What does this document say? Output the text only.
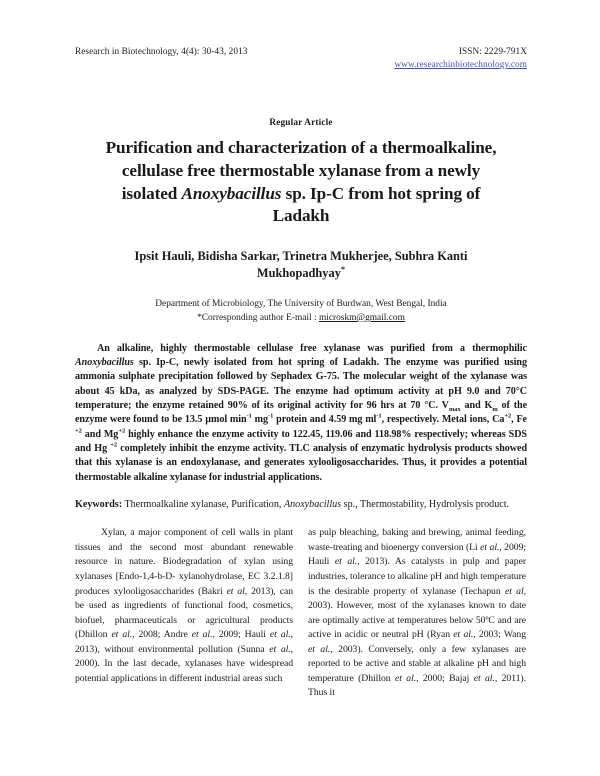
Research in Biotechnology, 4(4): 30-43, 2013	ISSN: 2229-791X
www.researchinbiotechnology.com
Regular Article
Purification and characterization of a thermoalkaline,
cellulase free thermostable xylanase from a newly
isolated Anoxybacillus sp. Ip-C from hot spring of
Ladakh
Ipsit Hauli, Bidisha Sarkar, Trinetra Mukherjee, Subhra Kanti
Mukhopadhyay*
Department of Microbiology, The University of Burdwan, West Bengal, India
*Corresponding author E-mail : microskm@gmail.com
An alkaline, highly thermostable cellulase free xylanase was purified from a thermophilic Anoxybacillus sp. Ip-C, newly isolated from hot spring of Ladakh. The enzyme was purified using ammonia sulphate precipitation followed by Sephadex G-75. The molecular weight of the xylanase was about 45 kDa, as analyzed by SDS-PAGE. The enzyme had optimum activity at pH 9.0 and 70°C temperature; the enzyme retained 90% of its original activity for 96 hrs at 70 °C. $V_{max}$ and $K_m$ of the enzyme were found to be 13.5 µmol $\min^{-1} mg^{-1}$ protein and 4.59 mg $ml^{-1}$, respectively. Metal ions, $Ca^{+2}$, Fe $^{+2}$ and $Mg^{+2}$ highly enhance the enzyme activity to 122.45, 119.06 and 118.98% respectively; whereas SDS and Hg $^{+2}$ completely inhibit the enzyme activity. TLC analysis of enzymatic hydrolysis products showed that this xylanase is an endoxylanase, and generates xylooligosaccharides. Thus, it provides a potential thermostable alkaline xylanase for industrial applications.
Keywords: Thermoalkaline xylanase, Purification, Anoxybacillus sp., Thermostability, Hydrolysis product.

Xylan, a major component of cell walls in plant tissues and the second most abundant renewable resource in nature. Biodegradation of xylan using xylanases [Endo-1,4-b-D- xylanohydrolase, EC 3.2.1.8] produces xylooligosaccharides (Bakri et al, 2013), can be used as ingredients of functional food, cosmetics, biofuel, pharmaceuticals or agricultural products (Dhillon et al., 2008; Andre et al., 2009; Hauli et al., 2013), without environmental pollution (Sunna et al., 2000). In the last decade, xylanases have widespread potential applications in different industrial areas such

as pulp bleaching, baking and brewing, animal feeding, waste-treating and bioenergy conversion (Li et al., 2009; Hauli et al., 2013). As catalysts in pulp and paper industries, tolerance to alkaline pH and high temperature is the desirable property of xylanase (Techapun et al, 2003). However, most of the xylanases known to date are optimally active at temperatures below 50ºC and are active in acidic or neutral pH (Ryan et al., 2003; Wang et al., 2003). Conversely, only a few xylanases are reported to be active and stable at alkaline pH and high temperature (Dhillon et al., 2000; Bajaj et al., 2011). Thus it
